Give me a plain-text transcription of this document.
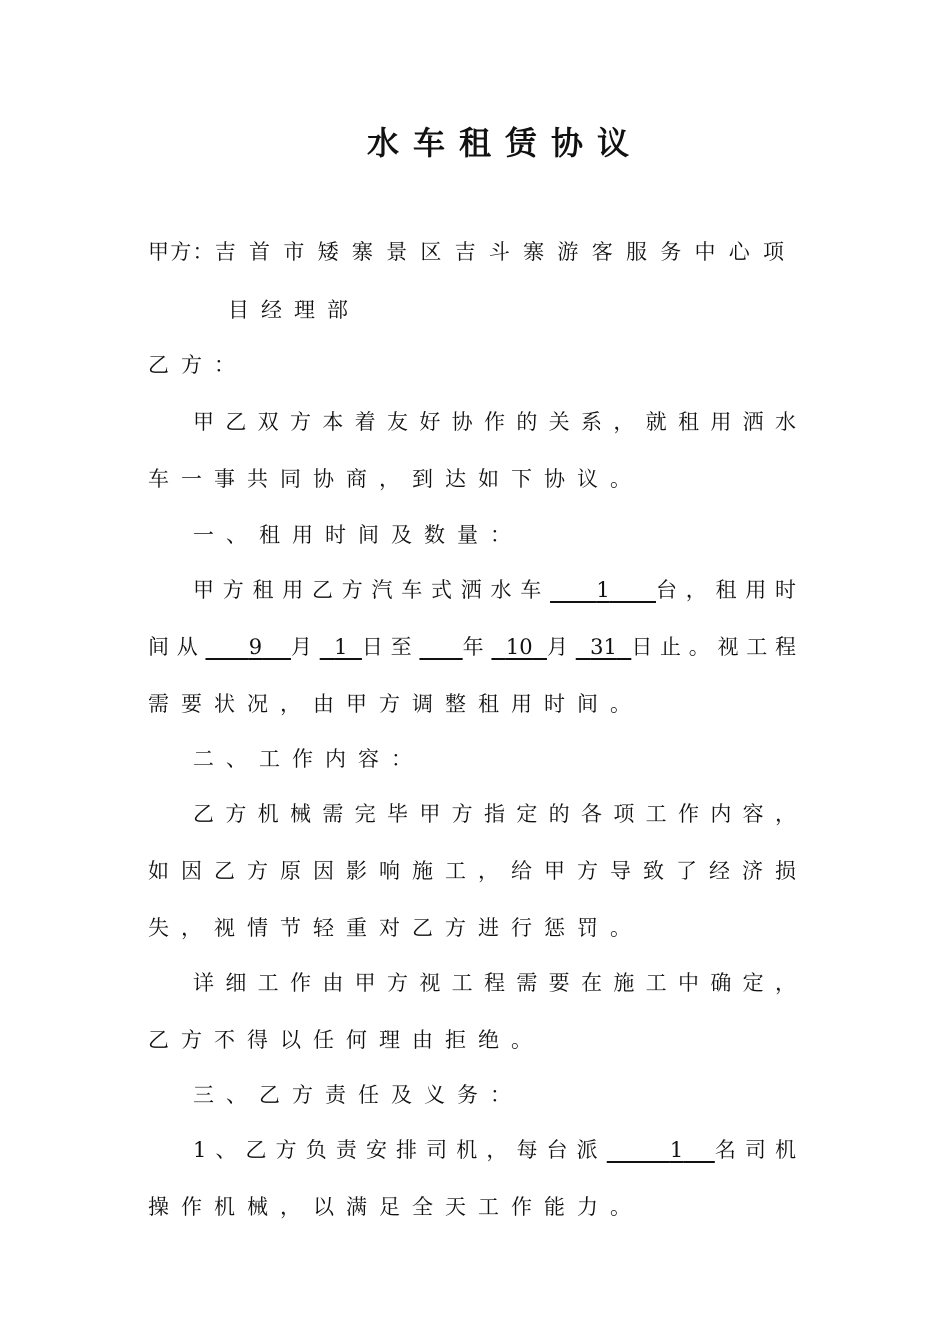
水车租赁协议
甲方：吉首市矮寨景区吉斗寨游客服务中心项
目经理部
乙方：
甲乙双方本着友好协作的关系，就租用洒水
车一事共同协商，到达如下协议。
一、租用时间及数量：
甲方租用乙方汽车式洒水车 1 台，租用时
间从 9 月 1 日至 年 10 月 31 日止。视工程
需要状况，由甲方调整租用时间。
二、工作内容：
乙方机械需完毕甲方指定的各项工作内容，
如因乙方原因影响施工，给甲方导致了经济损
失，视情节轻重对乙方进行惩罚。
详细工作由甲方视工程需要在施工中确定，
乙方不得以任何理由拒绝。
三、乙方责任及义务：
1、乙方负责安排司机，每台派	1 名司机
操作机械，以满足全天工作能力。
